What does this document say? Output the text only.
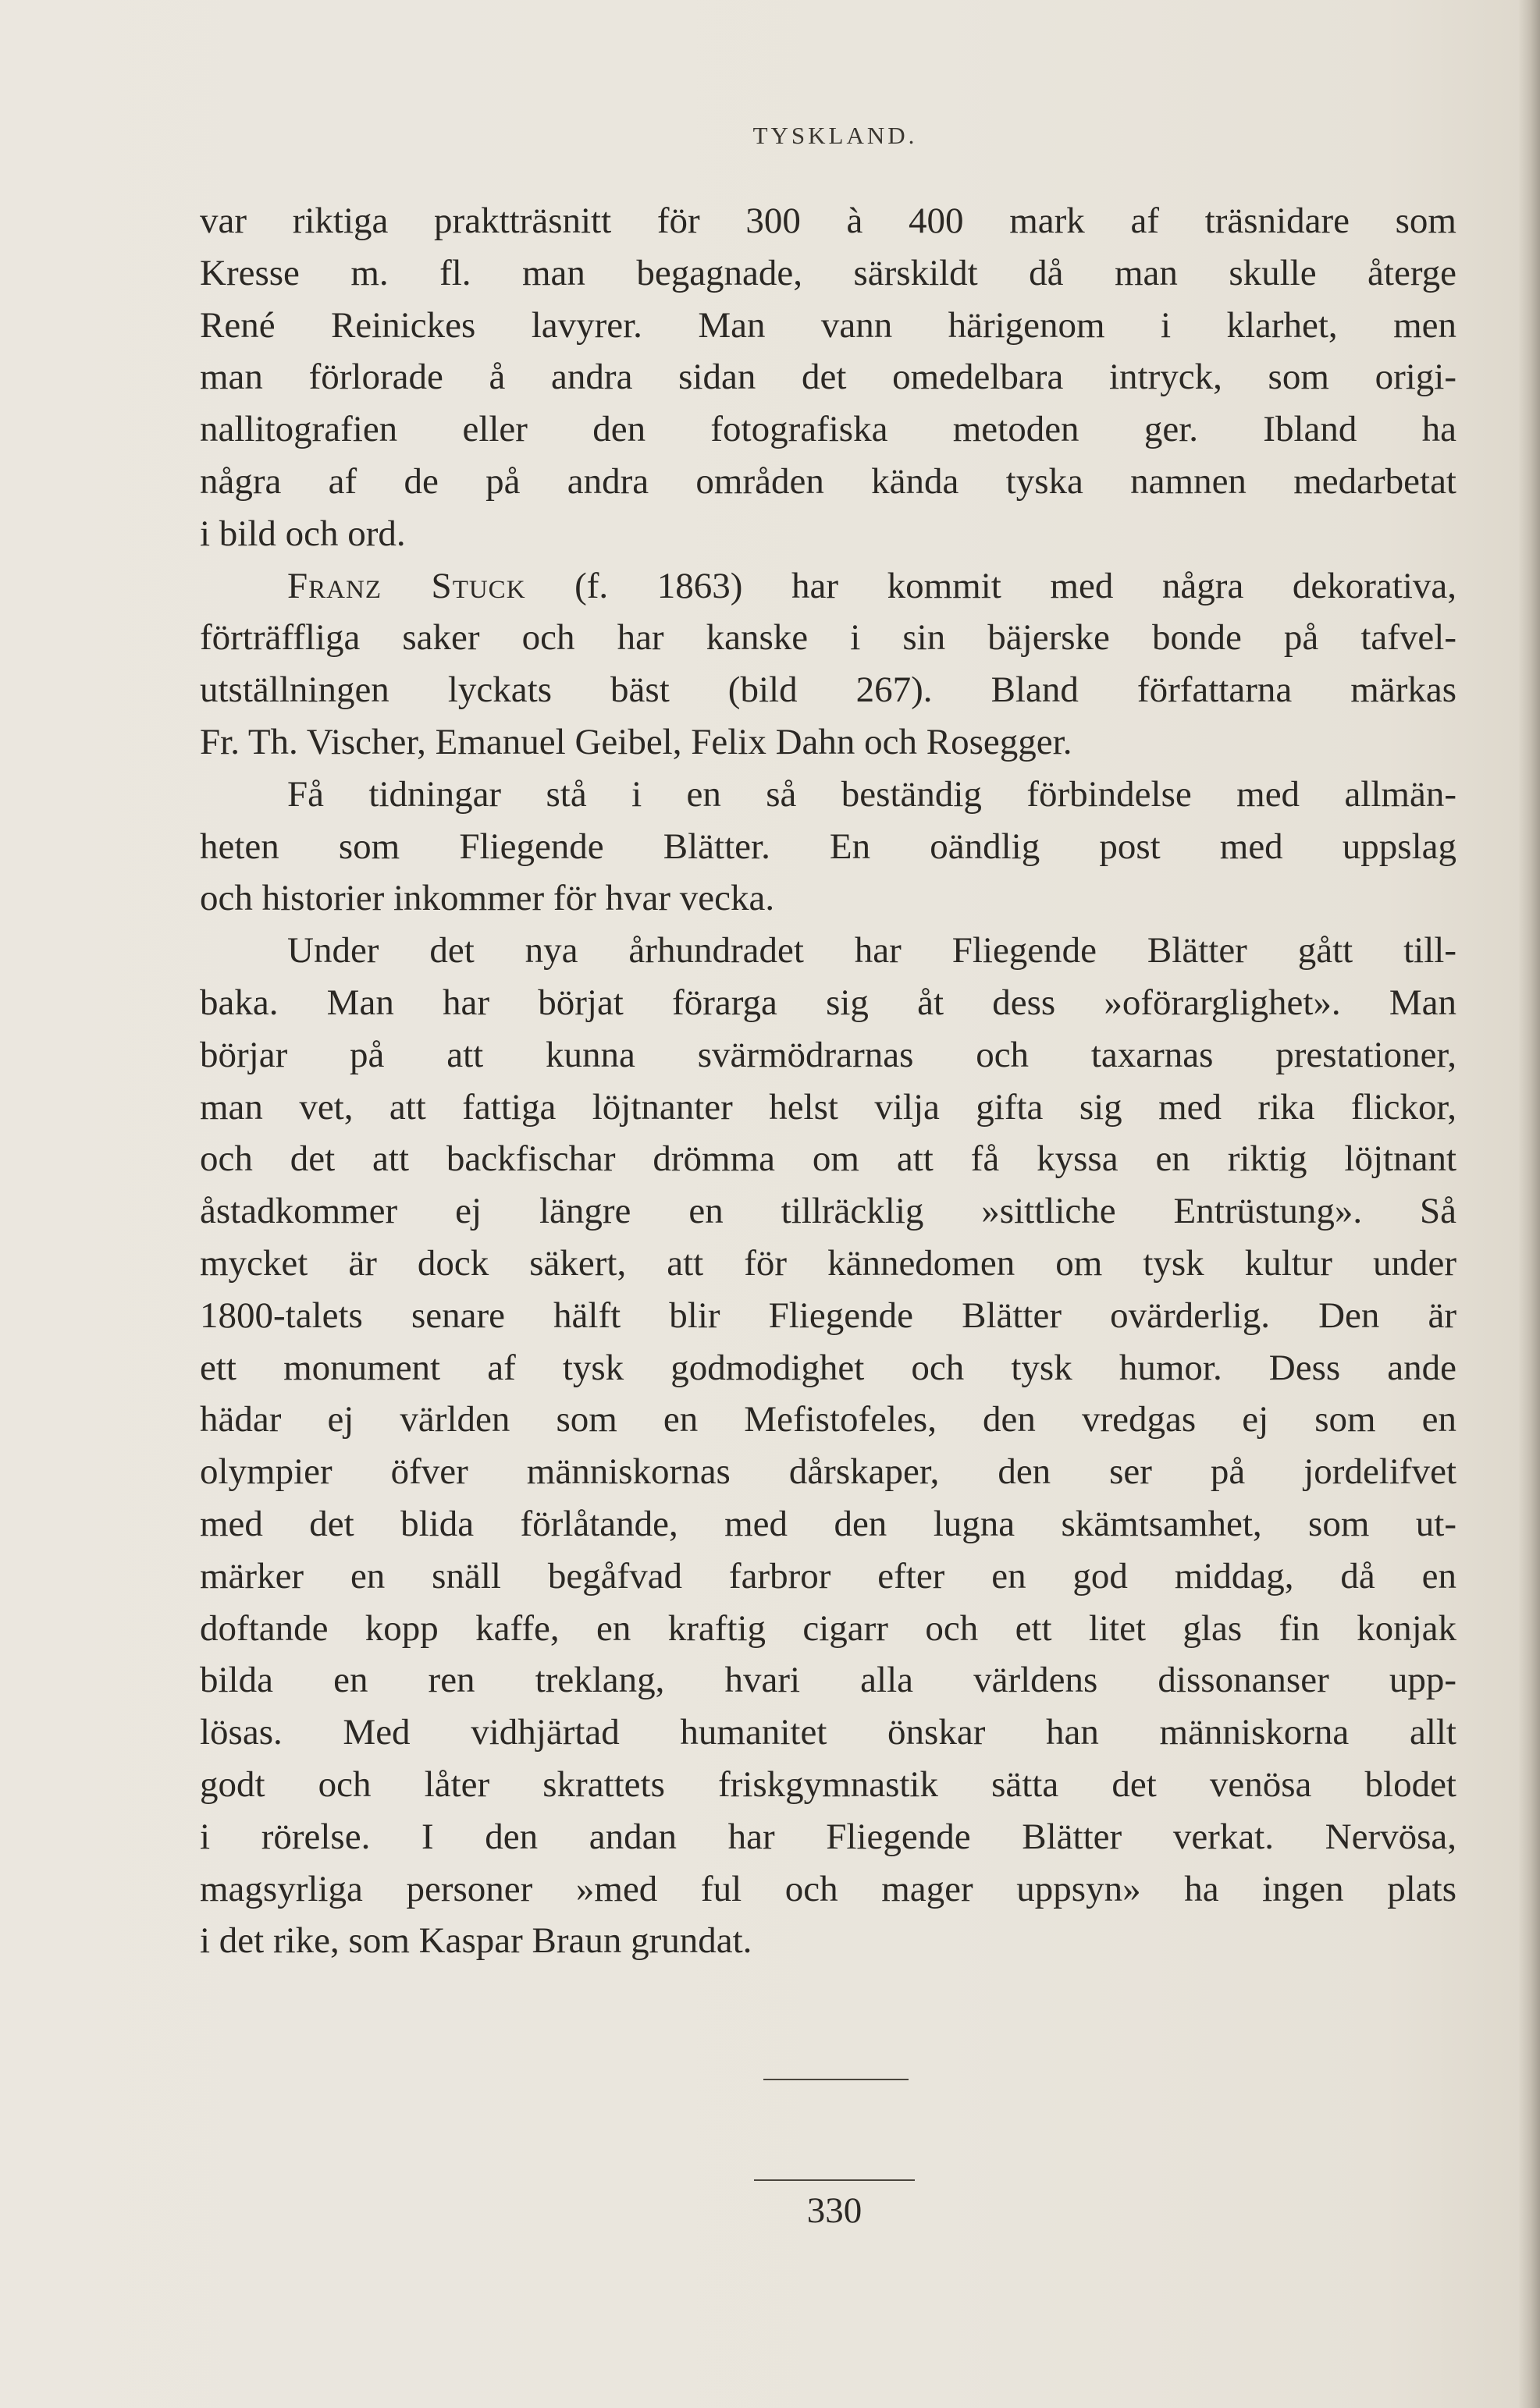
TYSKLAND.
var riktiga praktträsnitt för 300 à 400 mark af träsnidare som
Kresse m. fl. man begagnade, särskildt då man skulle återge
René Reinickes lavyrer. Man vann härigenom i klarhet, men
man förlorade å andra sidan det omedelbara intryck, som origi-
nallitografien eller den fotografiska metoden ger. Ibland ha
några af de på andra områden kända tyska namnen medarbetat
i bild och ord.
Franz Stuck (f. 1863) har kommit med några dekorativa,
förträffliga saker och har kanske i sin bäjerske bonde på tafvel-
utställningen lyckats bäst (bild 267). Bland författarna märkas
Fr. Th. Vischer, Emanuel Geibel, Felix Dahn och Rosegger.
Få tidningar stå i en så beständig förbindelse med allmän-
heten som Fliegende Blätter. En oändlig post med uppslag
och historier inkommer för hvar vecka.
Under det nya århundradet har Fliegende Blätter gått till-
baka. Man har börjat förarga sig åt dess »oförarglighet». Man
börjar på att kunna svärmödrarnas och taxarnas prestationer,
man vet, att fattiga löjtnanter helst vilja gifta sig med rika flickor,
och det att backfischar drömma om att få kyssa en riktig löjtnant
åstadkommer ej längre en tillräcklig »sittliche Entrüstung». Så
mycket är dock säkert, att för kännedomen om tysk kultur under
1800-talets senare hälft blir Fliegende Blätter ovärderlig. Den är
ett monument af tysk godmodighet och tysk humor. Dess ande
hädar ej världen som en Mefistofeles, den vredgas ej som en
olympier öfver människornas dårskaper, den ser på jordelifvet
med det blida förlåtande, med den lugna skämtsamhet, som ut-
märker en snäll begåfvad farbror efter en god middag, då en
doftande kopp kaffe, en kraftig cigarr och ett litet glas fin konjak
bilda en ren treklang, hvari alla världens dissonanser upp-
lösas. Med vidhjärtad humanitet önskar han människorna allt
godt och låter skrattets friskgymnastik sätta det venösa blodet
i rörelse. I den andan har Fliegende Blätter verkat. Nervösa,
magsyrliga personer »med ful och mager uppsyn» ha ingen plats
i det rike, som Kaspar Braun grundat.
330
